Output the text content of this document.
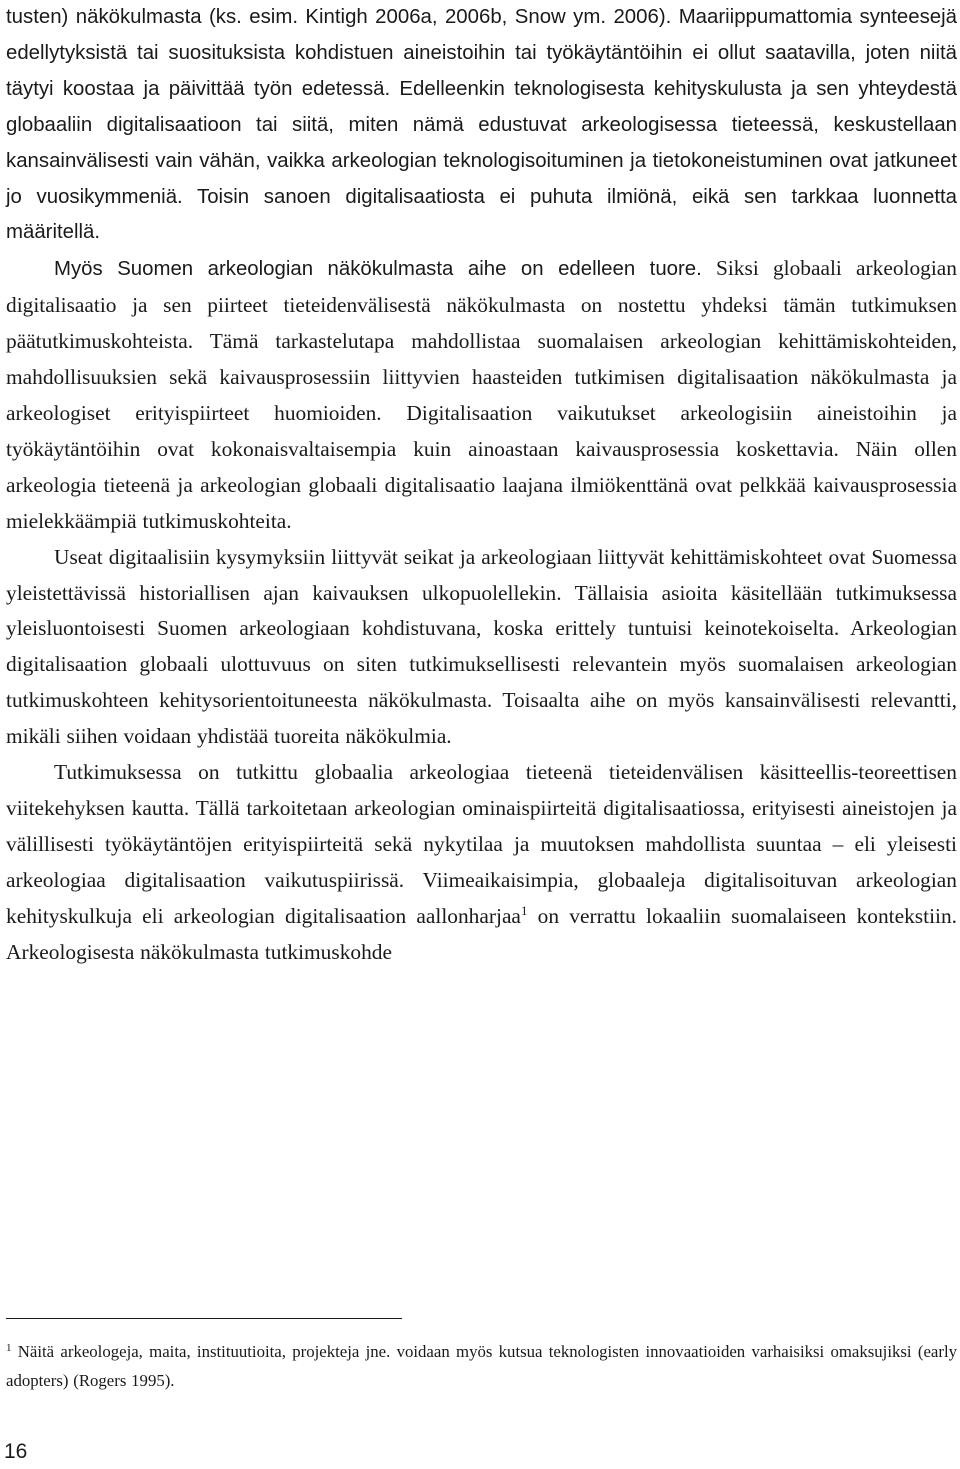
tusten) näkökulmasta (ks. esim. Kintigh 2006a, 2006b, Snow ym. 2006). Maariippumattomia synteesejä edellytyksistä tai suosituksista kohdistuen aineistoihin tai työkäytäntöihin ei ollut saatavilla, joten niitä täytyi koostaa ja päivittää työn edetessä. Edelleenkin teknologisesta kehityskulusta ja sen yhteydestä globaaliin digitalisaatioon tai siitä, miten nämä edustuvat arkeologisessa tieteessä, keskustellaan kansainvälisesti vain vähän, vaikka arkeologian teknologisoituminen ja tietokoneistuminen ovat jatkuneet jo vuosikymmeniä. Toisin sanoen digitalisaatiosta ei puhuta ilmiönä, eikä sen tarkkaa luonnetta määritellä.

Myös Suomen arkeologian näkökulmasta aihe on edelleen tuore. Siksi globaali arkeologian digitalisaatio ja sen piirteet tieteidenvälisestä näkökulmasta on nostettu yhdeksi tämän tutkimuksen päätutkimuskohteista. Tämä tarkastelutapa mahdollistaa suomalaisen arkeologian kehittämiskohteiden, mahdollisuuksien sekä kaivausprosessiin liittyvien haasteiden tutkimisen digitalisaation näkökulmasta ja arkeologiset erityispiirteet huomioiden. Digitalisaation vaikutukset arkeologisiin aineistoihin ja työkäytäntöihin ovat kokonaisvaltaisempia kuin ainoastaan kaivausprosessia koskettavia. Näin ollen arkeologia tieteenä ja arkeologian globaali digitalisaatio laajana ilmiökenttänä ovat pelkkää kaivausprosessia mielekkäämpiä tutkimuskohteita.

Useat digitaalisiin kysymyksiin liittyvät seikat ja arkeologiaan liittyvät kehittämiskohteet ovat Suomessa yleistettävissä historiallisen ajan kaivauksen ulkopuolellekin. Tällaisia asioita käsitellään tutkimuksessa yleisluontoisesti Suomen arkeologiaan kohdistuvana, koska erittely tuntuisi keinotekoiselta. Arkeologian digitalisaation globaali ulottuvuus on siten tutkimuksellisesti relevantein myös suomalaisen arkeologian tutkimuskohteen kehitysorientoituneesta näkökulmasta. Toisaalta aihe on myös kansainvälisesti relevantti, mikäli siihen voidaan yhdistää tuoreita näkökulmia.

Tutkimuksessa on tutkittu globaalia arkeologiaa tieteenä tieteidenvälisen käsitteellis-teoreettisen viitekehyksen kautta. Tällä tarkoitetaan arkeologian ominaispiirteitä digitalisaatiossa, erityisesti aineistojen ja välillisesti työkäytäntöjen erityispiirteitä sekä nykytilaa ja muutoksen mahdollista suuntaa – eli yleisesti arkeologiaa digitalisaation vaikutuspiirissä. Viimeaikaisimpia, globaaleja digitalisoituvan arkeologian kehityskulkuja eli arkeologian digitalisaation aallonharjaa$^1$ on verrattu lokaaliin suomalaiseen kontekstiin. Arkeologisesta näkökulmasta tutkimuskohde

$^1$ Näitä arkeologeja, maita, instituutioita, projekteja jne. voidaan myös kutsua teknologisten innovaatioiden varhaisiksi omaksujiksi (early adopters) (Rogers 1995).

16
